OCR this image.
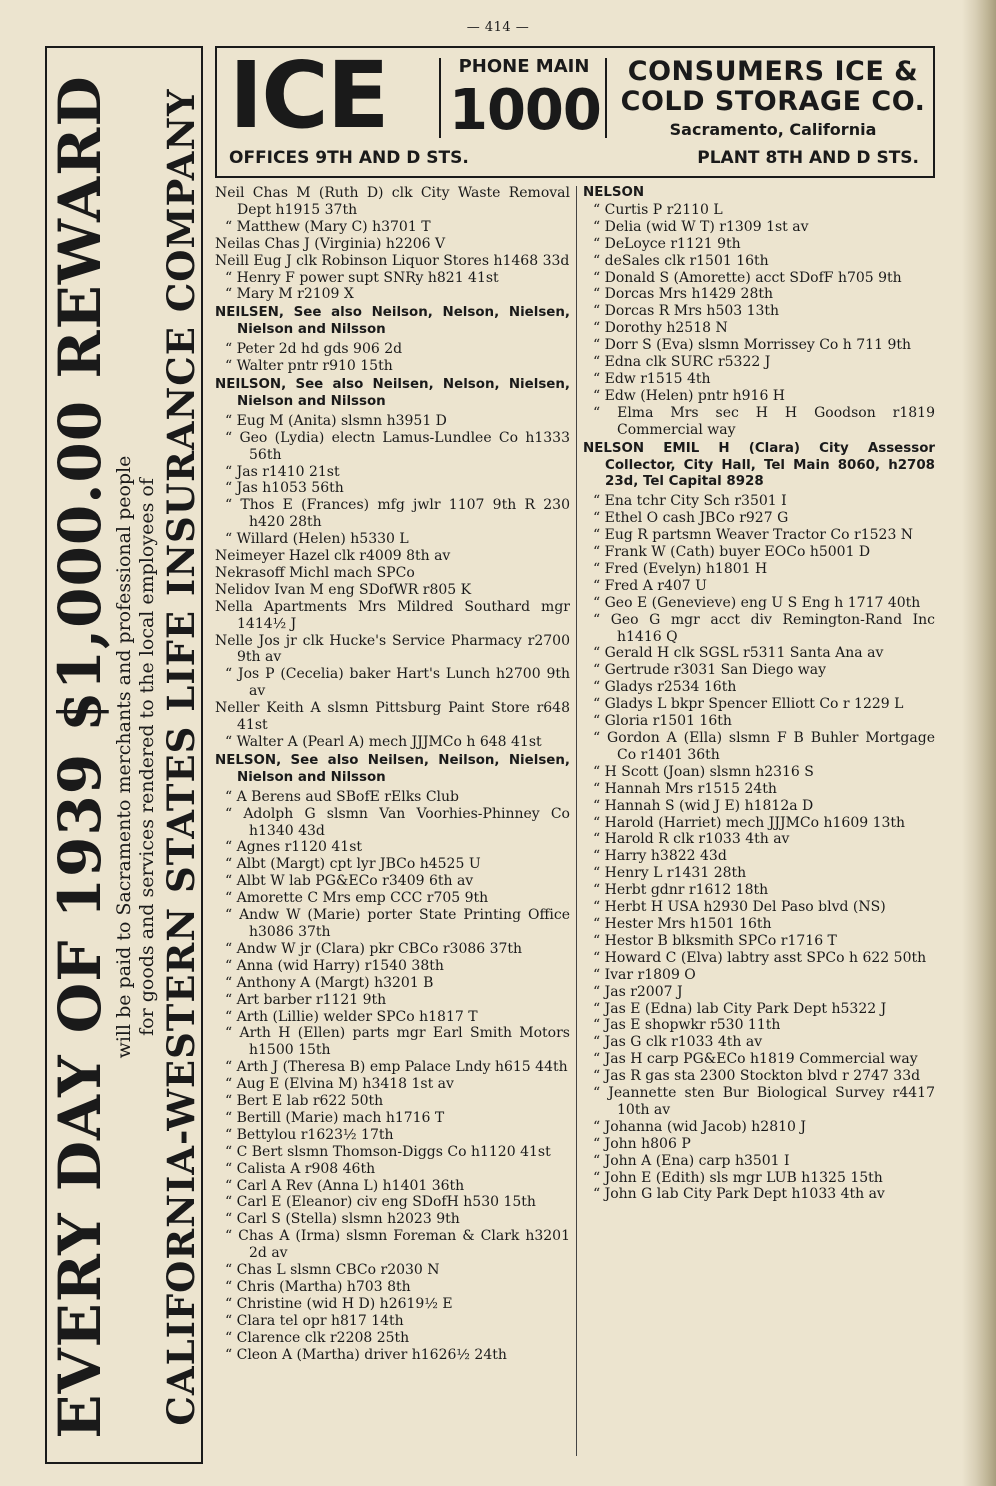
— 414 —
EVERY DAY OF 1939 $1,000.00 REWARD
will be paid to Sacramento merchants and professional people for goods and services rendered to the local employees of CALIFORNIA-WESTERN STATES LIFE INSURANCE COMPANY ICE	PHONE MAIN
1000
CONSUMERS ICE &
COLD STORAGE CO.
Sacramento, California
OFFICES 9TH AND D STS.	PLANT 8TH AND D STS.
Neil Chas M (Ruth D) clk City Waste Removal Dept h1915 37th
“ Matthew (Mary C) h3701 T
Neilas Chas J (Virginia) h2206 V
Neill Eug J clk Robinson Liquor Stores h1468 33d
“ Henry F power supt SNRy h821 41st
“ Mary M r2109 X
NEILSEN, See also Neilson, Nelson, Nielsen, Nielson and Nilsson
“ Peter 2d hd gds 906 2d
“ Walter pntr r910 15th
NEILSON, See also Neilsen, Nelson, Nielsen, Nielson and Nilsson
“ Eug M (Anita) slsmn h3951 D
“ Geo (Lydia) electn Lamus-Lundlee Co h1333 56th
“ Jas r1410 21st
“ Jas h1053 56th
“ Thos E (Frances) mfg jwlr 1107 9th R 230 h420 28th
“ Willard (Helen) h5330 L
Neimeyer Hazel clk r4009 8th av
Nekrasoff Michl mach SPCo
Nelidov Ivan M eng SDofWR r805 K
Nella Apartments Mrs Mildred Southard mgr 1414½ J
Nelle Jos jr clk Hucke's Service Pharmacy r2700 9th av
“ Jos P (Cecelia) baker Hart's Lunch h2700 9th av
Neller Keith A slsmn Pittsburg Paint Store r648 41st
“ Walter A (Pearl A) mech JJJMCo h 648 41st
NELSON, See also Neilsen, Neilson, Nielsen, Nielson and Nilsson
“ A Berens aud SBofE rElks Club
“ Adolph G slsmn Van Voorhies-Phinney Co h1340 43d
“ Agnes r1120 41st
“ Albt (Margt) cpt lyr JBCo h4525 U
“ Albt W lab PG&ECo r3409 6th av
“ Amorette C Mrs emp CCC r705 9th
“ Andw W (Marie) porter State Printing Office h3086 37th
“ Andw W jr (Clara) pkr CBCo r3086 37th
“ Anna (wid Harry) r1540 38th
“ Anthony A (Margt) h3201 B
“ Art barber r1121 9th
“ Arth (Lillie) welder SPCo h1817 T
“ Arth H (Ellen) parts mgr Earl Smith Motors h1500 15th
“ Arth J (Theresa B) emp Palace Lndy h615 44th
“ Aug E (Elvina M) h3418 1st av
“ Bert E lab r622 50th
“ Bertill (Marie) mach h1716 T
“ Bettylou r1623½ 17th
“ C Bert slsmn Thomson-Diggs Co h1120 41st
“ Calista A r908 46th
“ Carl A Rev (Anna L) h1401 36th
“ Carl E (Eleanor) civ eng SDofH h530 15th
“ Carl S (Stella) slsmn h2023 9th
“ Chas A (Irma) slsmn Foreman & Clark h3201 2d av
“ Chas L slsmn CBCo r2030 N
“ Chris (Martha) h703 8th
“ Christine (wid H D) h2619½ E
“ Clara tel opr h817 14th
“ Clarence clk r2208 25th
“ Cleon A (Martha) driver h1626½ 24th
NELSON
“ Curtis P r2110 L
“ Delia (wid W T) r1309 1st av
“ DeLoyce r1121 9th
“ deSales clk r1501 16th
“ Donald S (Amorette) acct SDofF h705 9th
“ Dorcas Mrs h1429 28th
“ Dorcas R Mrs h503 13th
“ Dorothy h2518 N
“ Dorr S (Eva) slsmn Morrissey Co h 711 9th
“ Edna clk SURC r5322 J
“ Edw r1515 4th
“ Edw (Helen) pntr h916 H
“ Elma Mrs sec H H Goodson r1819 Commercial way
NELSON EMIL H (Clara) City Assessor Collector, City Hall, Tel Main 8060, h2708 23d, Tel Capital 8928
“ Ena tchr City Sch r3501 I
“ Ethel O cash JBCo r927 G
“ Eug R partsmn Weaver Tractor Co r1523 N
“ Frank W (Cath) buyer EOCo h5001 D
“ Fred (Evelyn) h1801 H
“ Fred A r407 U
“ Geo E (Genevieve) eng U S Eng h 1717 40th
“ Geo G mgr acct div Remington-Rand Inc h1416 Q
“ Gerald H clk SGSL r5311 Santa Ana av
“ Gertrude r3031 San Diego way
“ Gladys r2534 16th
“ Gladys L bkpr Spencer Elliott Co r 1229 L
“ Gloria r1501 16th
“ Gordon A (Ella) slsmn F B Buhler Mortgage Co r1401 36th
“ H Scott (Joan) slsmn h2316 S
“ Hannah Mrs r1515 24th
“ Hannah S (wid J E) h1812a D
“ Harold (Harriet) mech JJJMCo h1609 13th
“ Harold R clk r1033 4th av
“ Harry h3822 43d
“ Henry L r1431 28th
“ Herbt gdnr r1612 18th
“ Herbt H USA h2930 Del Paso blvd (NS)
“ Hester Mrs h1501 16th
“ Hestor B blksmith SPCo r1716 T
“ Howard C (Elva) labtry asst SPCo h 622 50th
“ Ivar r1809 O
“ Jas r2007 J
“ Jas E (Edna) lab City Park Dept h5322 J
“ Jas E shopwkr r530 11th
“ Jas G clk r1033 4th av
“ Jas H carp PG&ECo h1819 Commercial way
“ Jas R gas sta 2300 Stockton blvd r 2747 33d
“ Jeannette sten Bur Biological Survey r4417 10th av
“ Johanna (wid Jacob) h2810 J
“ John h806 P
“ John A (Ena) carp h3501 I
“ John E (Edith) sls mgr LUB h1325 15th
“ John G lab City Park Dept h1033 4th av
